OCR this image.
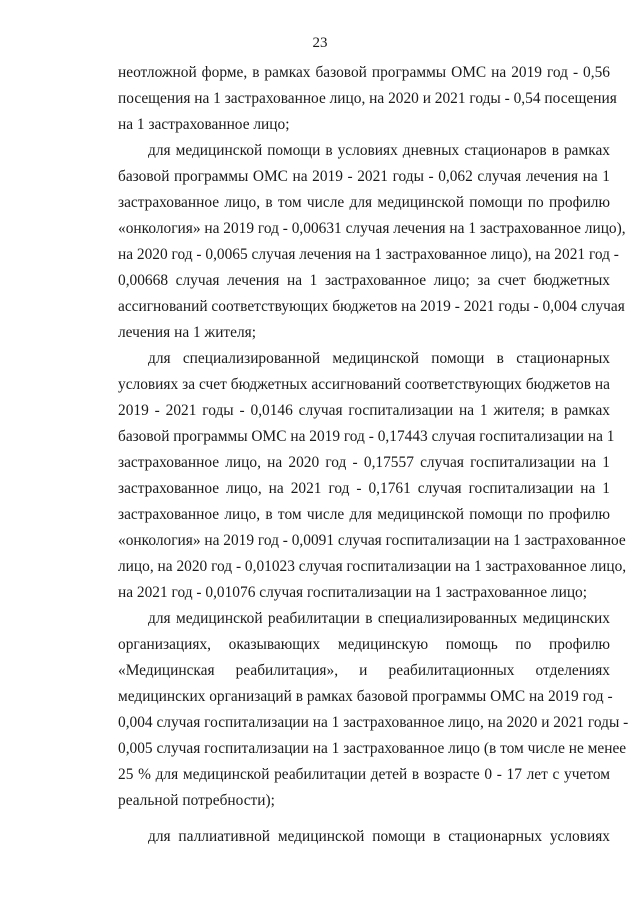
23
неотложной форме, в рамках базовой программы ОМС на 2019 год - 0,56
посещения на 1 застрахованное лицо, на 2020 и 2021 годы - 0,54 посещения
на 1 застрахованное лицо;
для медицинской помощи в условиях дневных стационаров в рамках
базовой программы ОМС на 2019 - 2021 годы - 0,062 случая лечения на 1
застрахованное лицо, в том числе для медицинской помощи по профилю
«онкология» на 2019 год - 0,00631 случая лечения на 1 застрахованное лицо),
на 2020 год - 0,0065 случая лечения на 1 застрахованное лицо), на 2021 год -
0,00668 случая лечения на 1 застрахованное лицо; за счет бюджетных
ассигнований соответствующих бюджетов на 2019 - 2021 годы - 0,004 случая
лечения на 1 жителя;
для специализированной медицинской помощи в стационарных
условиях за счет бюджетных ассигнований соответствующих бюджетов на
2019 - 2021 годы - 0,0146 случая госпитализации на 1 жителя; в рамках
базовой программы ОМС на 2019 год - 0,17443 случая госпитализации на 1
застрахованное лицо, на 2020 год - 0,17557 случая госпитализации на 1
застрахованное лицо, на 2021 год - 0,1761 случая госпитализации на 1
застрахованное лицо, в том числе для медицинской помощи по профилю
«онкология» на 2019 год - 0,0091 случая госпитализации на 1 застрахованное
лицо, на 2020 год - 0,01023 случая госпитализации на 1 застрахованное лицо,
на 2021 год - 0,01076 случая госпитализации на 1 застрахованное лицо;
для медицинской реабилитации в специализированных медицинских
организациях, оказывающих медицинскую помощь по профилю
«Медицинская реабилитация», и реабилитационных отделениях
медицинских организаций в рамках базовой программы ОМС на 2019 год -
0,004 случая госпитализации на 1 застрахованное лицо, на 2020 и 2021 годы -
0,005 случая госпитализации на 1 застрахованное лицо (в том числе не менее
25 % для медицинской реабилитации детей в возрасте 0 - 17 лет с учетом
реальной потребности);
для паллиативной медицинской помощи в стационарных условиях
